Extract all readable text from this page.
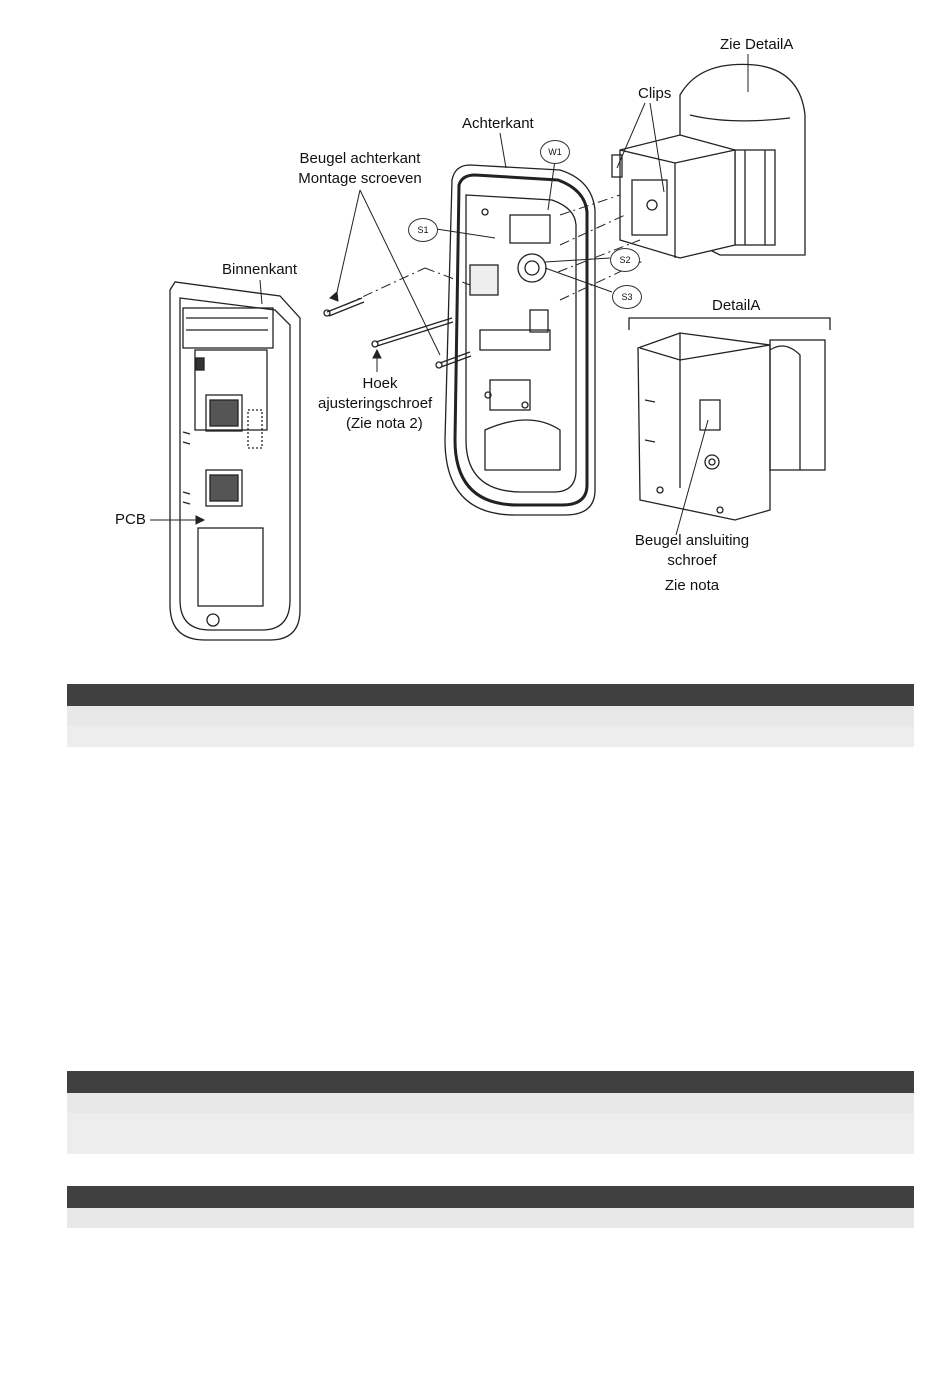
Zie DetailA
Clips
Achterkant
W1
Beugel achterkant
Montage scroeven
S1
S2
S3
Binnenkant
DetailA
Hoek
ajusteringschroef
(Zie nota 2)
PCB
Beugel ansluiting
schroef
Zie nota
